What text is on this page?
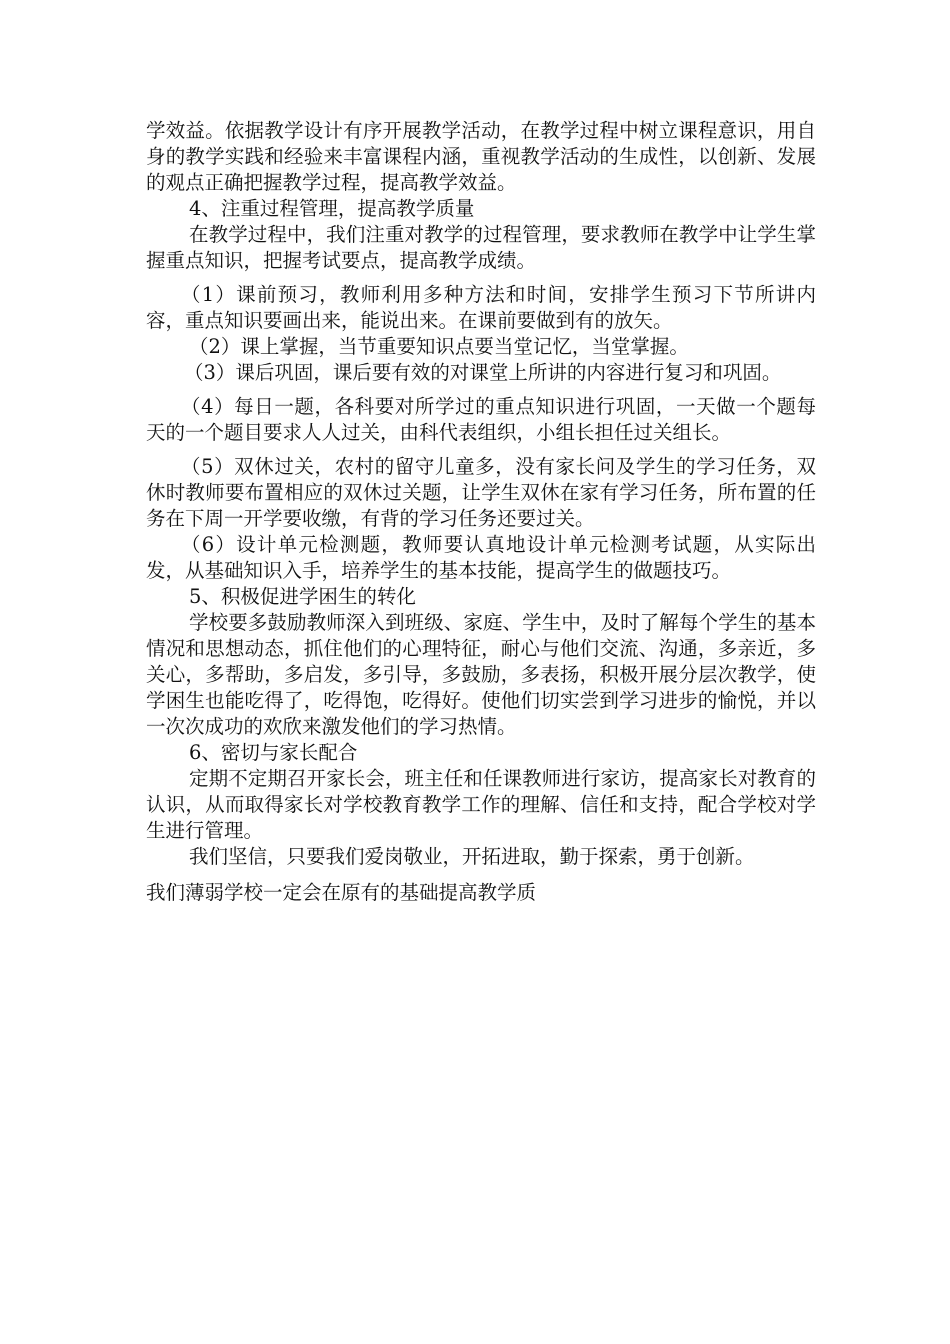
学效益。依据教学设计有序开展教学活动，在教学过程中树立课程意识，用自身的教学实践和经验来丰富课程内涵，重视教学活动的生成性，以创新、发展的观点正确把握教学过程，提高教学效益。

4、注重过程管理，提高教学质量

在教学过程中，我们注重对教学的过程管理，要求教师在教学中让学生掌握重点知识，把握考试要点，提高教学成绩。

（1）课前预习，教师利用多种方法和时间，安排学生预习下节所讲内容，重点知识要画出来，能说出来。在课前要做到有的放矢。

（2）课上掌握，当节重要知识点要当堂记忆，当堂掌握。

（3）课后巩固，课后要有效的对课堂上所讲的内容进行复习和巩固。

（4）每日一题，各科要对所学过的重点知识进行巩固，一天做一个题每天的一个题目要求人人过关，由科代表组织，小组长担任过关组长。

（5）双休过关，农村的留守儿童多，没有家长问及学生的学习任务，双休时教师要布置相应的双休过关题，让学生双休在家有学习任务，所布置的任务在下周一开学要收缴，有背的学习任务还要过关。

（6）设计单元检测题，教师要认真地设计单元检测考试题，从实际出发，从基础知识入手，培养学生的基本技能，提高学生的做题技巧。

5、积极促进学困生的转化

学校要多鼓励教师深入到班级、家庭、学生中，及时了解每个学生的基本情况和思想动态，抓住他们的心理特征，耐心与他们交流、沟通，多亲近，多关心，多帮助，多启发，多引导，多鼓励，多表扬，积极开展分层次教学，使学困生也能吃得了，吃得饱，吃得好。使他们切实尝到学习进步的愉悦，并以一次次成功的欢欣来激发他们的学习热情。

6、密切与家长配合

定期不定期召开家长会，班主任和任课教师进行家访，提高家长对教育的认识，从而取得家长对学校教育教学工作的理解、信任和支持，配合学校对学生进行管理。

我们坚信，只要我们爱岗敬业，开拓进取，勤于探索，勇于创新。

我们薄弱学校一定会在原有的基础提高教学质
